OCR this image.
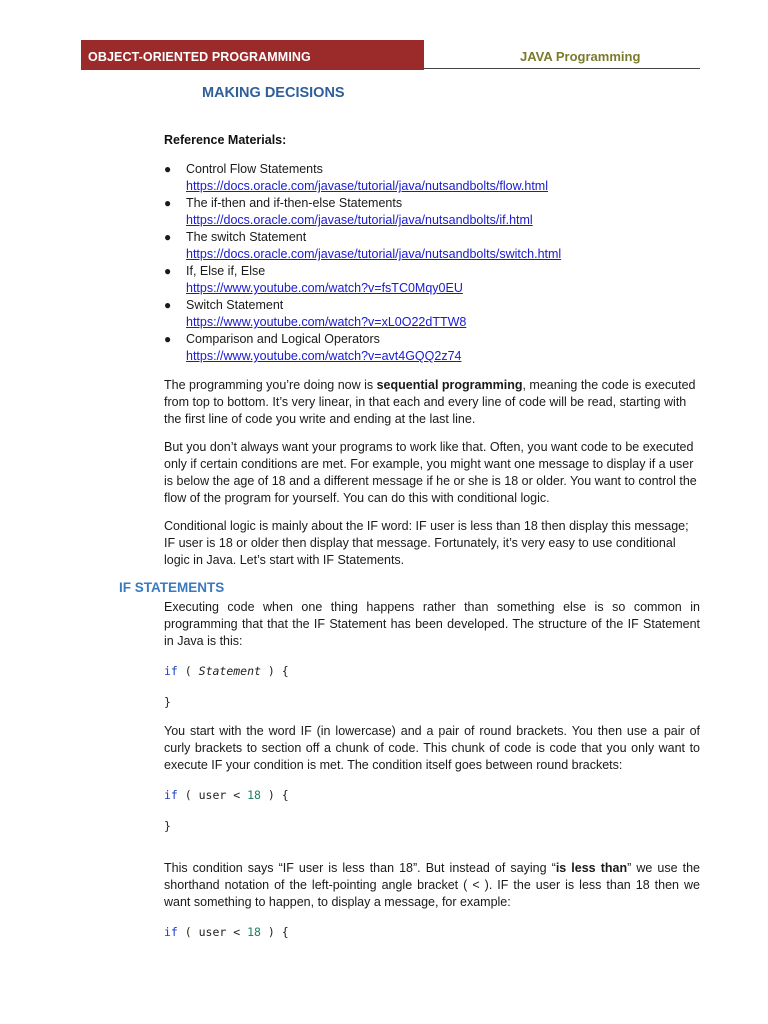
OBJECT-ORIENTED PROGRAMMING	JAVA Programming
MAKING DECISIONS
Reference Materials:
● Control Flow Statements
https://docs.oracle.com/javase/tutorial/java/nutsandbolts/flow.html
● The if-then and if-then-else Statements
https://docs.oracle.com/javase/tutorial/java/nutsandbolts/if.html
● The switch Statement
https://docs.oracle.com/javase/tutorial/java/nutsandbolts/switch.html
● If, Else if, Else
https://www.youtube.com/watch?v=fsTC0Mqy0EU
● Switch Statement
https://www.youtube.com/watch?v=xL0O22dTTW8
● Comparison and Logical Operators
https://www.youtube.com/watch?v=avt4GQQ2z74

The programming you’re doing now is sequential programming, meaning the code is executed from top to bottom. It’s very linear, in that each and every line of code will be read, starting with the first line of code you write and ending at the last line.

But you don’t always want your programs to work like that. Often, you want code to be executed only if certain conditions are met. For example, you might want one message to display if a user is below the age of 18 and a different message if he or she is 18 or older. You want to control the flow of the program for yourself. You can do this with conditional logic.

Conditional logic is mainly about the IF word: IF user is less than 18 then display this message; IF user is 18 or older then display that message. Fortunately, it’s very easy to use conditional logic in Java. Let’s start with IF Statements.

IF STATEMENTS

Executing code when one thing happens rather than something else is so common in programming that that the IF Statement has been developed. The structure of the IF Statement in Java is this:

if ( Statement ) {
}

You start with the word IF (in lowercase) and a pair of round brackets. You then use a pair of curly brackets to section off a chunk of code. This chunk of code is code that you only want to execute IF your condition is met. The condition itself goes between round brackets:

if ( user < 18 ) {
}

This condition says “IF user is less than 18”. But instead of saying “is less than” we use the shorthand notation of the left-pointing angle bracket ( < ). IF the user is less than 18 then we want something to happen, to display a message, for example:

if ( user < 18 ) {
